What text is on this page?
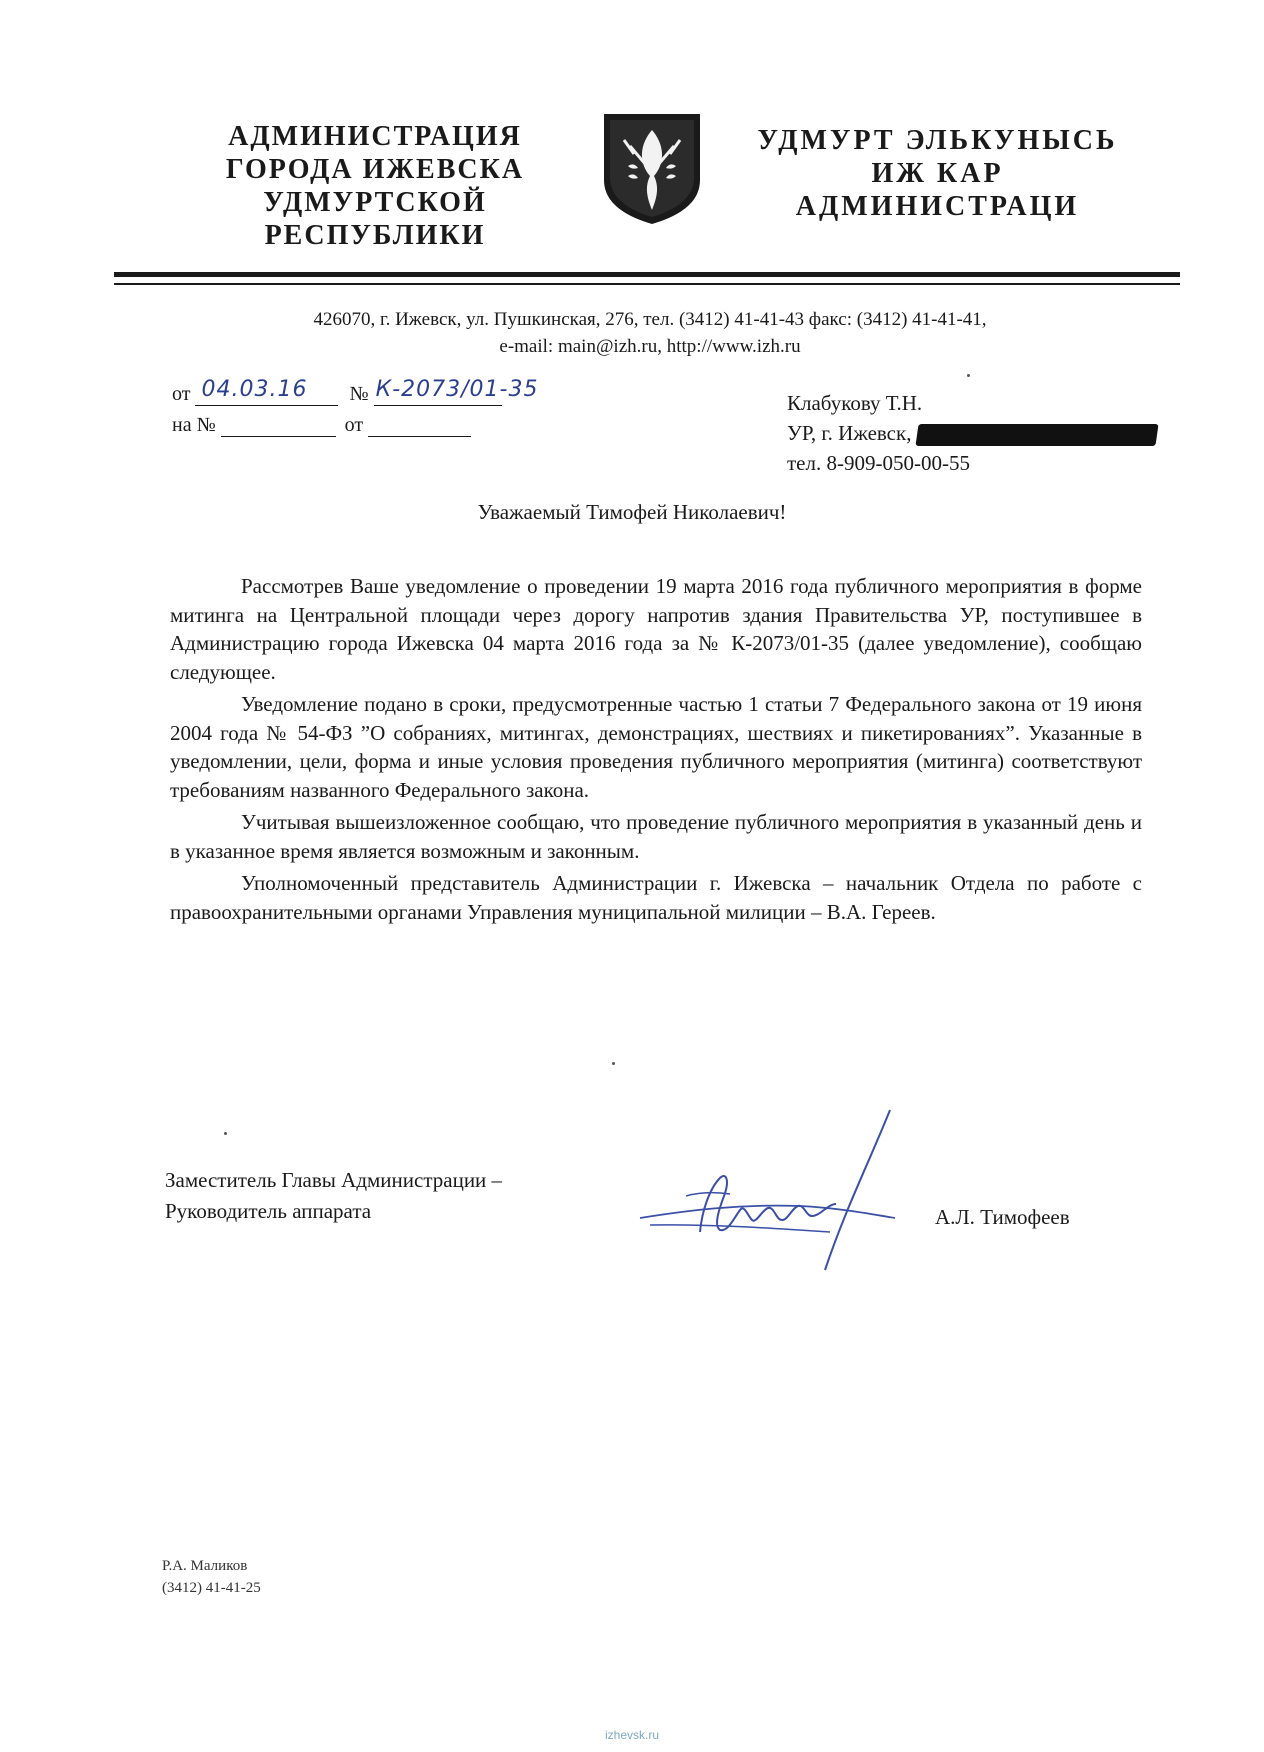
АДМИНИСТРАЦИЯ
ГОРОДА ИЖЕВСКА
УДМУРТСКОЙ
РЕСПУБЛИКИ
УДМУРТ ЭЛЬКУНЫСЬ
ИЖ КАР
АДМИНИСТРАЦИ
426070, г. Ижевск, ул. Пушкинская, 276, тел. (3412) 41-41-43 факс: (3412) 41-41-41,
e-mail: main@izh.ru, http://www.izh.ru
от 04.03.16 № К-2073/01-35
на №	от
Клабукову Т.Н.
УР, г. Ижевск,
тел. 8-909-050-00-55
Уважаемый Тимофей Николаевич!

Рассмотрев Ваше уведомление о проведении 19 марта 2016 года публичного мероприятия в форме митинга на Центральной площади через дорогу напротив здания Правительства УР, поступившее в Администрацию города Ижевска 04 марта 2016 года за № К-2073/01-35 (далее уведомление), сообщаю следующее.

Уведомление подано в сроки, предусмотренные частью 1 статьи 7 Федерального закона от 19 июня 2004 года № 54-ФЗ ”О собраниях, митингах, демонстрациях, шествиях и пикетированиях”. Указанные в уведомлении, цели, форма и иные условия проведения публичного мероприятия (митинга) соответствуют требованиям названного Федерального закона.

Учитывая вышеизложенное сообщаю, что проведение публичного мероприятия в указанный день и в указанное время является возможным и законным.

Уполномоченный представитель Администрации г. Ижевска – начальник Отдела по работе с правоохранительными органами Управления муниципальной милиции – В.А. Гереев.

Заместитель Главы Администрации –
Руководитель аппарата	А.Л. Тимофеев
Р.А. Маликов
(3412) 41-41-25
izhevsk.ru
